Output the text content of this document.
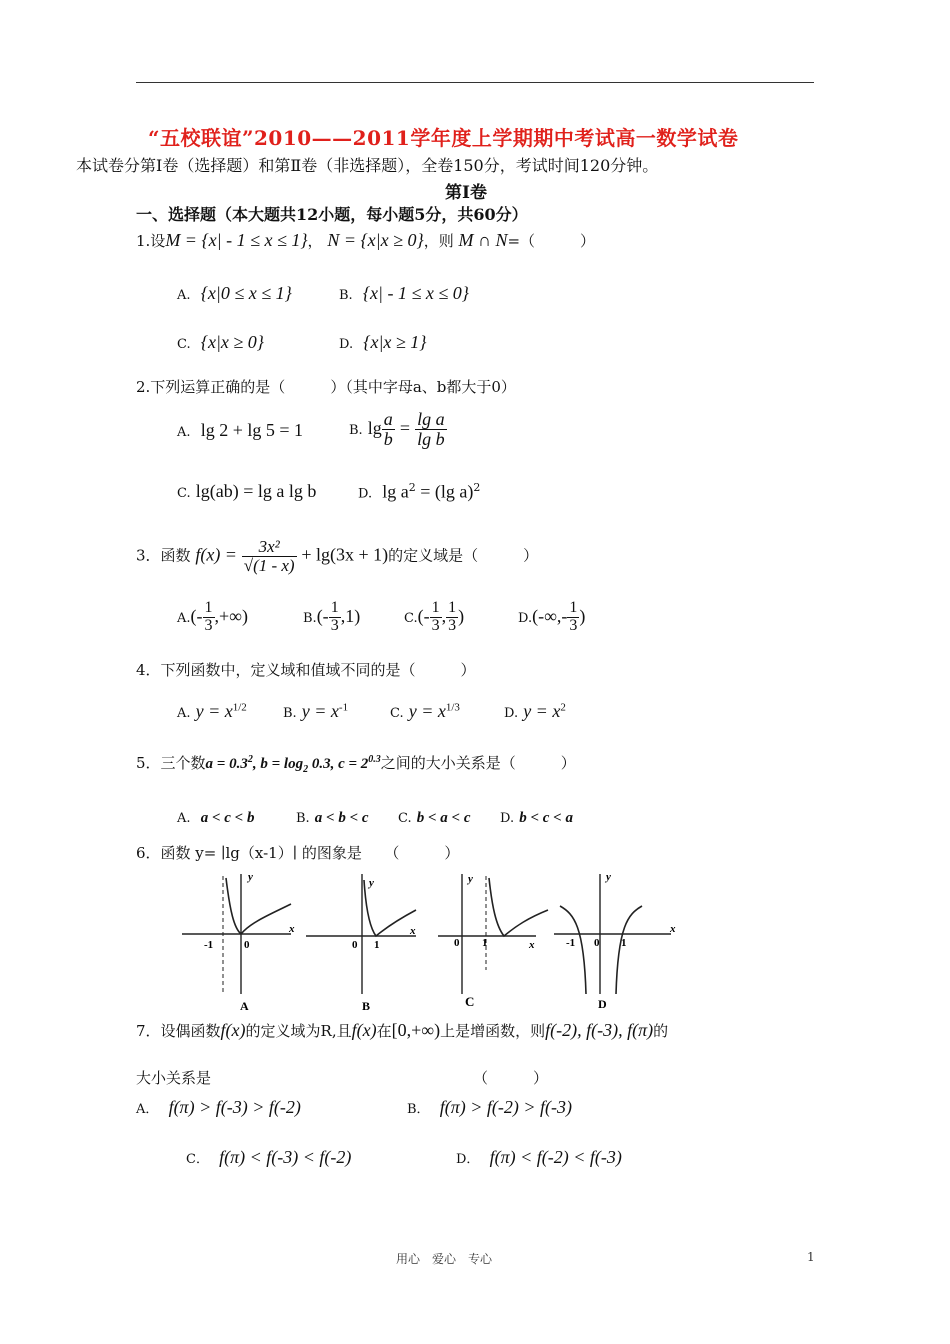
“五校联谊”2010——2011学年度上学期期中考试高一数学试卷
本试卷分第Ⅰ卷（选择题）和第Ⅱ卷（非选择题），全卷150分，考试时间120分钟。
第Ⅰ卷
一、选择题（本大题共12小题，每小题5分，共60分）
1.设M = {x| - 1 ≤ x ≤ 1}， N = {x|x ≥ 0}，则 M ∩ N=（　　　）
A. {x|0 ≤ x ≤ 1}	B. {x| - 1 ≤ x ≤ 0}
C. {x|x ≥ 0}	D. {x|x ≥ 1}
2.下列运算正确的是（　　　）（其中字母a、b都大于0）
A. lg 2 + lg 5 = 1	B. $\lg \frac{a}{b} = \frac{\text{lg a}}{\text{lg b}}$
C. lg(ab) = lg a lg b	D. $\lg a^2 = (\lg$ a)$^2$
3．函数 $f(x) = \frac{\text{3x²}}{√(1 - x)} + \lg(3x + 1)$的定义域是（　　　）
$A.(- \frac{1}{3}$ ,+∞)	$B.(- \frac{1}{3} ,1)$	$C.(- \frac{1}{3}$ , $\frac{1}{3}$ )	$D.(-\infty,- \frac{1}{3}$ )
4．下列函数中，定义域和值域不同的是（　　　）
A. $y = x^{1/2}$	B. $y = x^{-1}$	C. $y = x^{1/3}$	D. $y = x^2$
5．三个数$a = 0.3^2$, $b = \log_2 0.3$, $c = 2^{0.3}$之间的大小关系是（　　　）
A. a < c < b	B. a < b < c C. b < a < c D. b < c < a
6．函数 y= ∣lg（x-1）∣ 的图象是　　（　　　）
y
x
-1	0
A
y
x
0 1
B
y
x
0 1
C
y
x
-1 0 1
D
7．设偶函数f(x)的定义域为R,且f(x)在[0,+∞)上是增函数，则f(-2), f(-3), f(π)的
大小关系是	（　　　）
A． f(π) > f(-3) > f(-2)	B． f(π) > f(-2) > f(-3)
C． f(π) < f(-3) < f(-2)	D． f(π) < f(-2) < f(-3)
用心　爱心　专心	1
